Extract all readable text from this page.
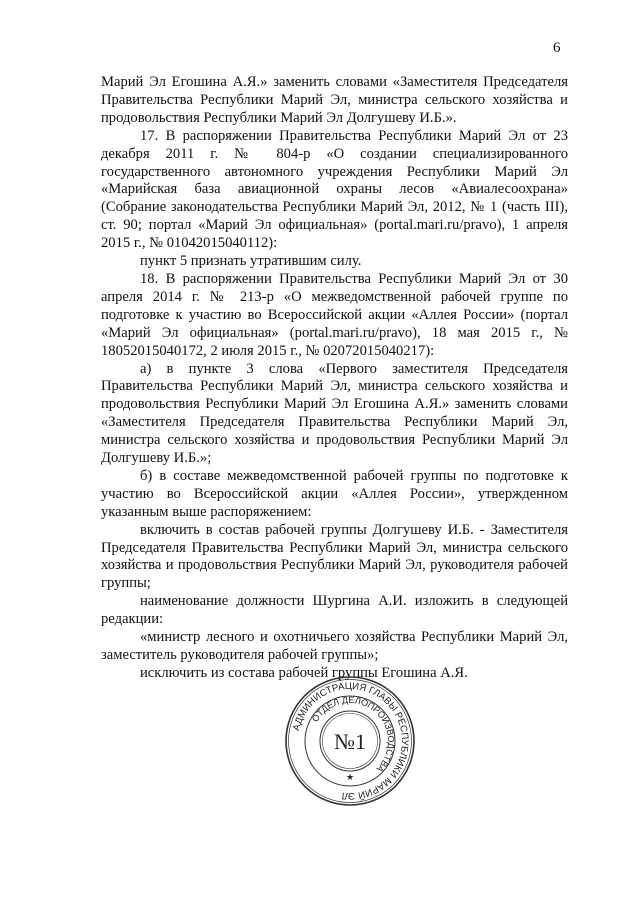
6

Марий Эл Егошина А.Я.» заменить словами «Заместителя Председателя Правительства Республики Марий Эл, министра сельского хозяйства и продовольствия Республики Марий Эл Долгушеву И.Б.».

17. В распоряжении Правительства Республики Марий Эл от 23 декабря 2011 г. № 804-р «О создании специализированного государственного автономного учреждения Республики Марий Эл «Марийская база авиационной охраны лесов «Авиалесоохрана» (Собрание законодательства Республики Марий Эл, 2012, № 1 (часть III), ст. 90; портал «Марий Эл официальная» (portal.mari.ru/pravo), 1 апреля 2015 г., № 01042015040112):

пункт 5 признать утратившим силу.

18. В распоряжении Правительства Республики Марий Эл от 30 апреля 2014 г. № 213-р «О межведомственной рабочей группе по подготовке к участию во Всероссийской акции «Аллея России» (портал «Марий Эл официальная» (portal.mari.ru/pravo), 18 мая 2015 г., № 18052015040172, 2 июля 2015 г., № 02072015040217):

а) в пункте 3 слова «Первого заместителя Председателя Правительства Республики Марий Эл, министра сельского хозяйства и продовольствия Республики Марий Эл Егошина А.Я.» заменить словами «Заместителя Председателя Правительства Республики Марий Эл, министра сельского хозяйства и продовольствия Республики Марий Эл Долгушеву И.Б.»;

б) в составе межведомственной рабочей группы по подготовке к участию во Всероссийской акции «Аллея России», утвержденном указанным выше распоряжением:

включить в состав рабочей группы Долгушеву И.Б. - Заместителя Председателя Правительства Республики Марий Эл, министра сельского хозяйства и продовольствия Республики Марий Эл, руководителя рабочей группы;

наименование должности Шургина А.И. изложить в следующей редакции:

«министр лесного и охотничьего хозяйства Республики Марий Эл, заместитель руководителя рабочей группы»;

исключить из состава рабочей группы Егошина А.Я.

АДМИНИСТРАЦИЯ ГЛАВЫ РЕСПУБЛИКИ МАРИЙ ЭЛ
ОТДЕЛ ДЕЛОПРОИЗВОДСТВА
№1
★
